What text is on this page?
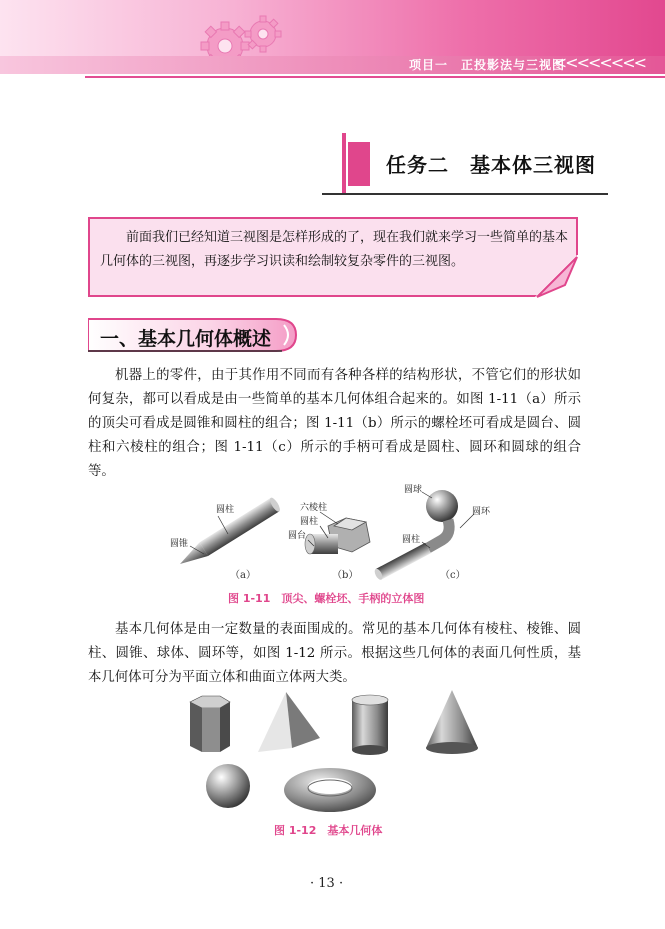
项目一　正投影法与三视图
<<<<<<<<
任务二　基本体三视图
前面我们已经知道三视图是怎样形成的了，现在我们就来学习一些简单的基本几何体的三视图，再逐步学习识读和绘制较复杂零件的三视图。
一、基本几何体概述
机器上的零件，由于其作用不同而有各种各样的结构形状，不管它们的形状如何复杂，都可以看成是由一些简单的基本几何体组合起来的。如图 1-11（a）所示的顶尖可看成是圆锥和圆柱的组合；图 1-11（b）所示的螺栓坯可看成是圆台、圆柱和六棱柱的组合；图 1-11（c）所示的手柄可看成是圆柱、圆环和圆球的组合等。
圆柱
圆锥
六棱柱
圆柱
圆台
圆球
圆环
圆柱
（a）	（b）	（c）
图 1-11　顶尖、螺栓坯、手柄的立体图
基本几何体是由一定数量的表面围成的。常见的基本几何体有棱柱、棱锥、圆柱、圆锥、球体、圆环等，如图 1-12 所示。根据这些几何体的表面几何性质，基本几何体可分为平面立体和曲面立体两大类。
图 1-12　基本几何体
· 13 ·
